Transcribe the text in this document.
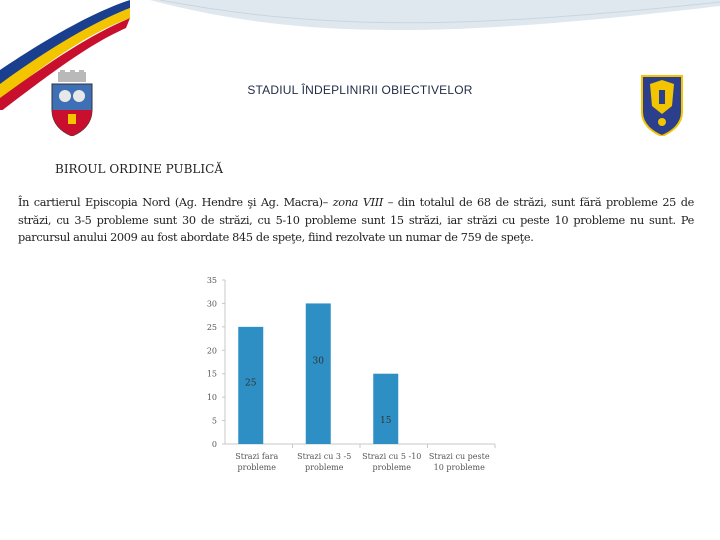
STADIUL ÎNDEPLINIRII OBIECTIVELOR
BIROUL ORDINE PUBLICĂ
În cartierul Episcopia Nord (Ag. Hendre şi Ag. Macra)– zona VIII – din totalul de 68 de străzi, sunt fără probleme 25 de străzi, cu 3-5 probleme sunt 30 de străzi, cu 5-10 probleme sunt 15 străzi, iar străzi cu peste 10 probleme nu sunt. Pe parcursul anului 2009 au fost abordate 845 de speţe, fiind rezolvate un numar de 759 de speţe.
0
5
10
15
20
25
30
35
25
Strazi fara
probleme
30
Strazi cu 3 -5
probleme
15
Strazi cu 5 -10
probleme
Strazi cu peste
10 probleme
